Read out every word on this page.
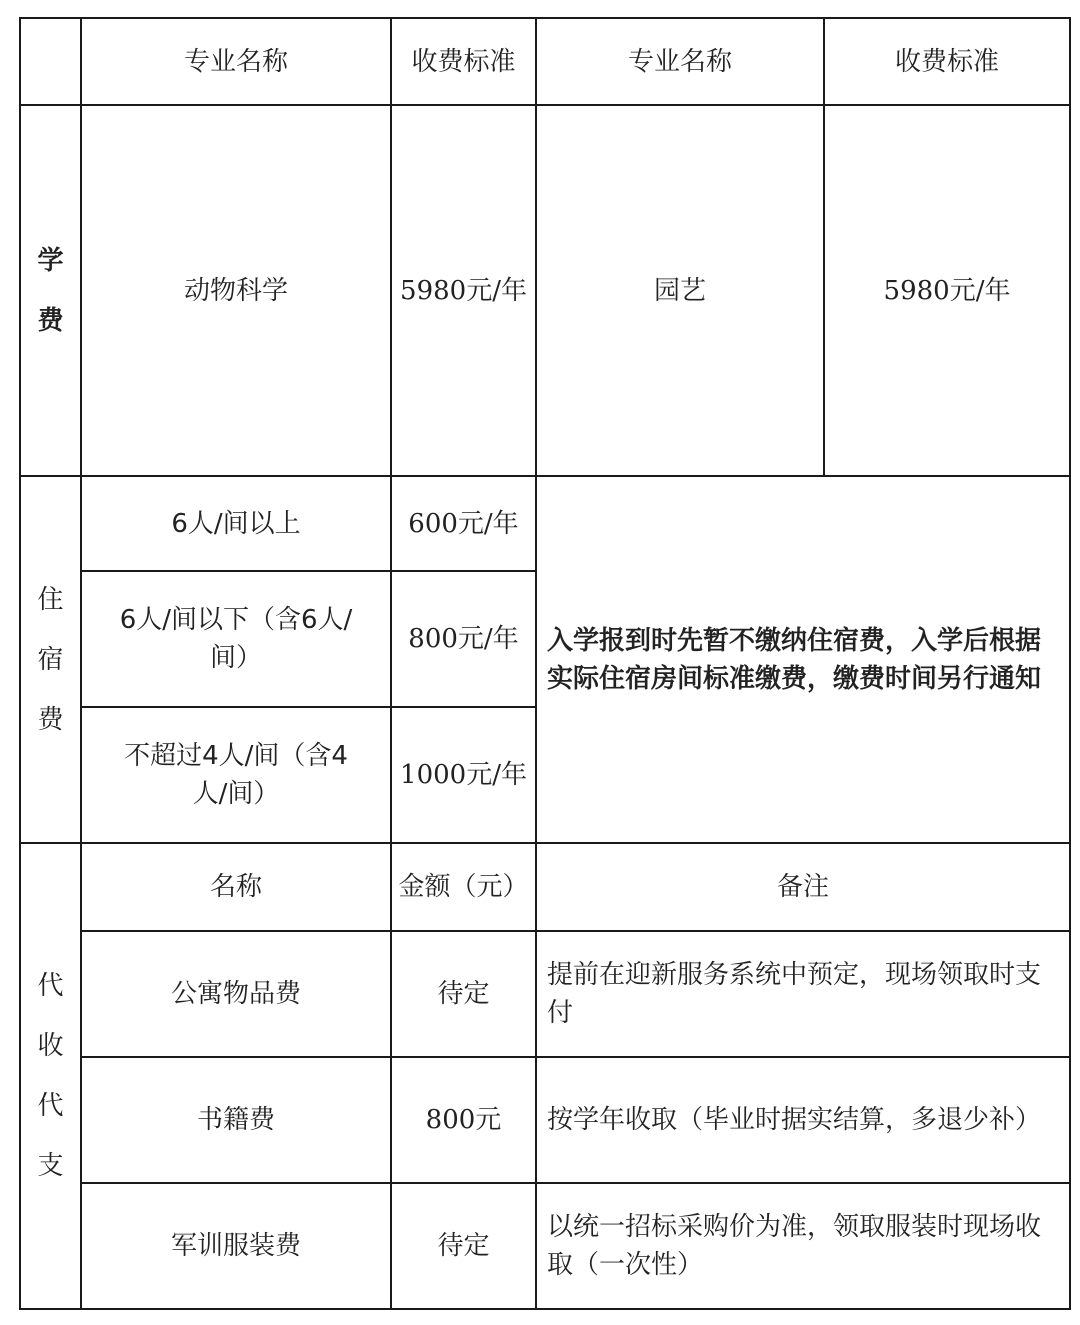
	专业名称	收费标准	专业名称	收费标准

学
费	动物科学	5980元/年	园艺	5980元/年

住
宿
费	6人/间以上	600元/年	入学报到时先暂不缴纳住宿费，入学后根据实际住宿房间标准缴费，缴费时间另行通知	
	6人/间以下（含6人/间）	800元/年		
	不超过4人/间（含4人/间）	1000元/年		

代
收
代
支	名称	金额（元）	备注	
	公寓物品费	待定	提前在迎新服务系统中预定，现场领取时支付	
	书籍费	800元	按学年收取（毕业时据实结算，多退少补）	
	军训服装费	待定	以统一招标采购价为准，领取服装时现场收取（一次性）	
